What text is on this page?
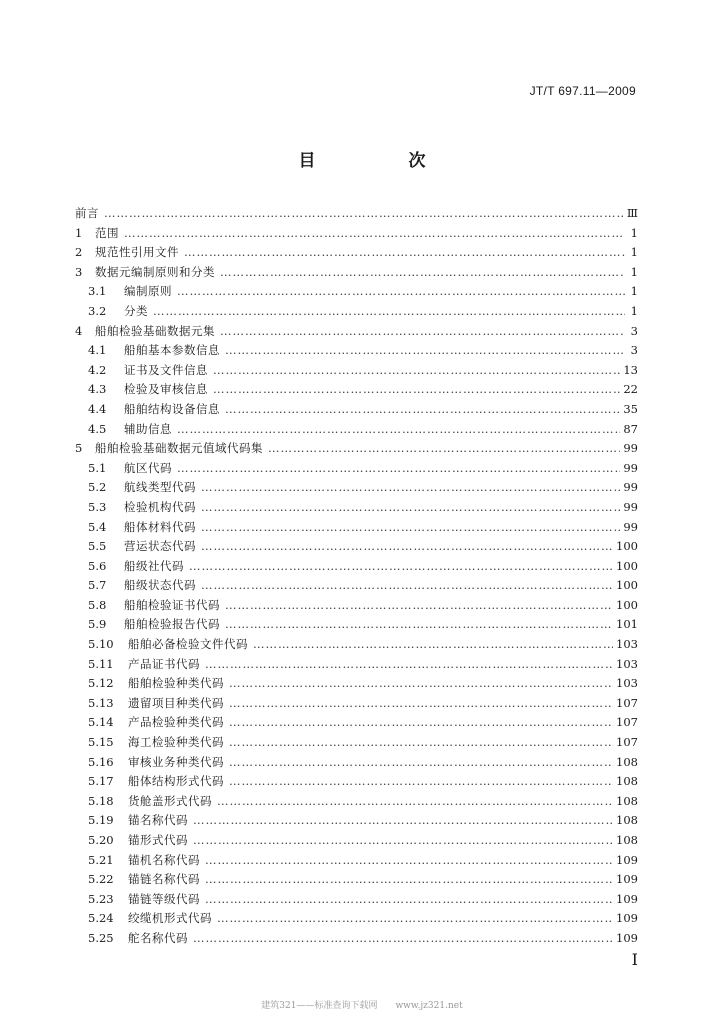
JT/T 697.11—2009
目　次
前言 ……………………………………………………………………………………………………………………………………………………………………………………………………………………………………………	Ⅲ
1	范围 ……………………………………………………………………………………………………………………………………………………………………………………………………………………………………………	1
2	规范性引用文件 ……………………………………………………………………………………………………………………………………………………………………………………………………………………………………………	1
3	数据元编制原则和分类 ……………………………………………………………………………………………………………………………………………………………………………………………………………………………………………	1
3.1	编制原则 ……………………………………………………………………………………………………………………………………………………………………………………………………………………………………………	1
3.2	分类 ……………………………………………………………………………………………………………………………………………………………………………………………………………………………………………	1
4	船舶检验基础数据元集 ……………………………………………………………………………………………………………………………………………………………………………………………………………………………………………	3
4.1	船舶基本参数信息 ……………………………………………………………………………………………………………………………………………………………………………………………………………………………………………	3
4.2	证书及文件信息 ……………………………………………………………………………………………………………………………………………………………………………………………………………………………………………	13
4.3	检验及审核信息 ……………………………………………………………………………………………………………………………………………………………………………………………………………………………………………	22
4.4	船舶结构设备信息 ……………………………………………………………………………………………………………………………………………………………………………………………………………………………………………	35
4.5	辅助信息 ……………………………………………………………………………………………………………………………………………………………………………………………………………………………………………	87
5	船舶检验基础数据元值域代码集 ……………………………………………………………………………………………………………………………………………………………………………………………………………………………………………	99
5.1	航区代码 ……………………………………………………………………………………………………………………………………………………………………………………………………………………………………………	99
5.2	航线类型代码 ……………………………………………………………………………………………………………………………………………………………………………………………………………………………………………	99
5.3	检验机构代码 ……………………………………………………………………………………………………………………………………………………………………………………………………………………………………………	99
5.4	船体材料代码 ……………………………………………………………………………………………………………………………………………………………………………………………………………………………………………	99
5.5	营运状态代码 ……………………………………………………………………………………………………………………………………………………………………………………………………………………………………………	100
5.6	船级社代码 ……………………………………………………………………………………………………………………………………………………………………………………………………………………………………………	100
5.7	船级状态代码 ……………………………………………………………………………………………………………………………………………………………………………………………………………………………………………	100
5.8	船舶检验证书代码 ……………………………………………………………………………………………………………………………………………………………………………………………………………………………………………	100
5.9	船舶检验报告代码 ……………………………………………………………………………………………………………………………………………………………………………………………………………………………………………	101
5.10	船舶必备检验文件代码 ……………………………………………………………………………………………………………………………………………………………………………………………………………………………………………	103
5.11	产品证书代码 ……………………………………………………………………………………………………………………………………………………………………………………………………………………………………………	103
5.12	船舶检验种类代码 ……………………………………………………………………………………………………………………………………………………………………………………………………………………………………………	103
5.13	遗留项目种类代码 ……………………………………………………………………………………………………………………………………………………………………………………………………………………………………………	107
5.14	产品检验种类代码 ……………………………………………………………………………………………………………………………………………………………………………………………………………………………………………	107
5.15	海工检验种类代码 ……………………………………………………………………………………………………………………………………………………………………………………………………………………………………………	107
5.16	审核业务种类代码 ……………………………………………………………………………………………………………………………………………………………………………………………………………………………………………	108
5.17	船体结构形式代码 ……………………………………………………………………………………………………………………………………………………………………………………………………………………………………………	108
5.18	货舱盖形式代码 ……………………………………………………………………………………………………………………………………………………………………………………………………………………………………………	108
5.19	锚名称代码 ……………………………………………………………………………………………………………………………………………………………………………………………………………………………………………	108
5.20	锚形式代码 ……………………………………………………………………………………………………………………………………………………………………………………………………………………………………………	108
5.21	锚机名称代码 ……………………………………………………………………………………………………………………………………………………………………………………………………………………………………………	109
5.22	锚链名称代码 ……………………………………………………………………………………………………………………………………………………………………………………………………………………………………………	109
5.23	锚链等级代码 ……………………………………………………………………………………………………………………………………………………………………………………………………………………………………………	109
5.24	绞缆机形式代码 ……………………………………………………………………………………………………………………………………………………………………………………………………………………………………………	109
5.25	舵名称代码 ……………………………………………………………………………………………………………………………………………………………………………………………………………………………………………	109
I
建筑321——标准查询下载网　　www.jz321.net
